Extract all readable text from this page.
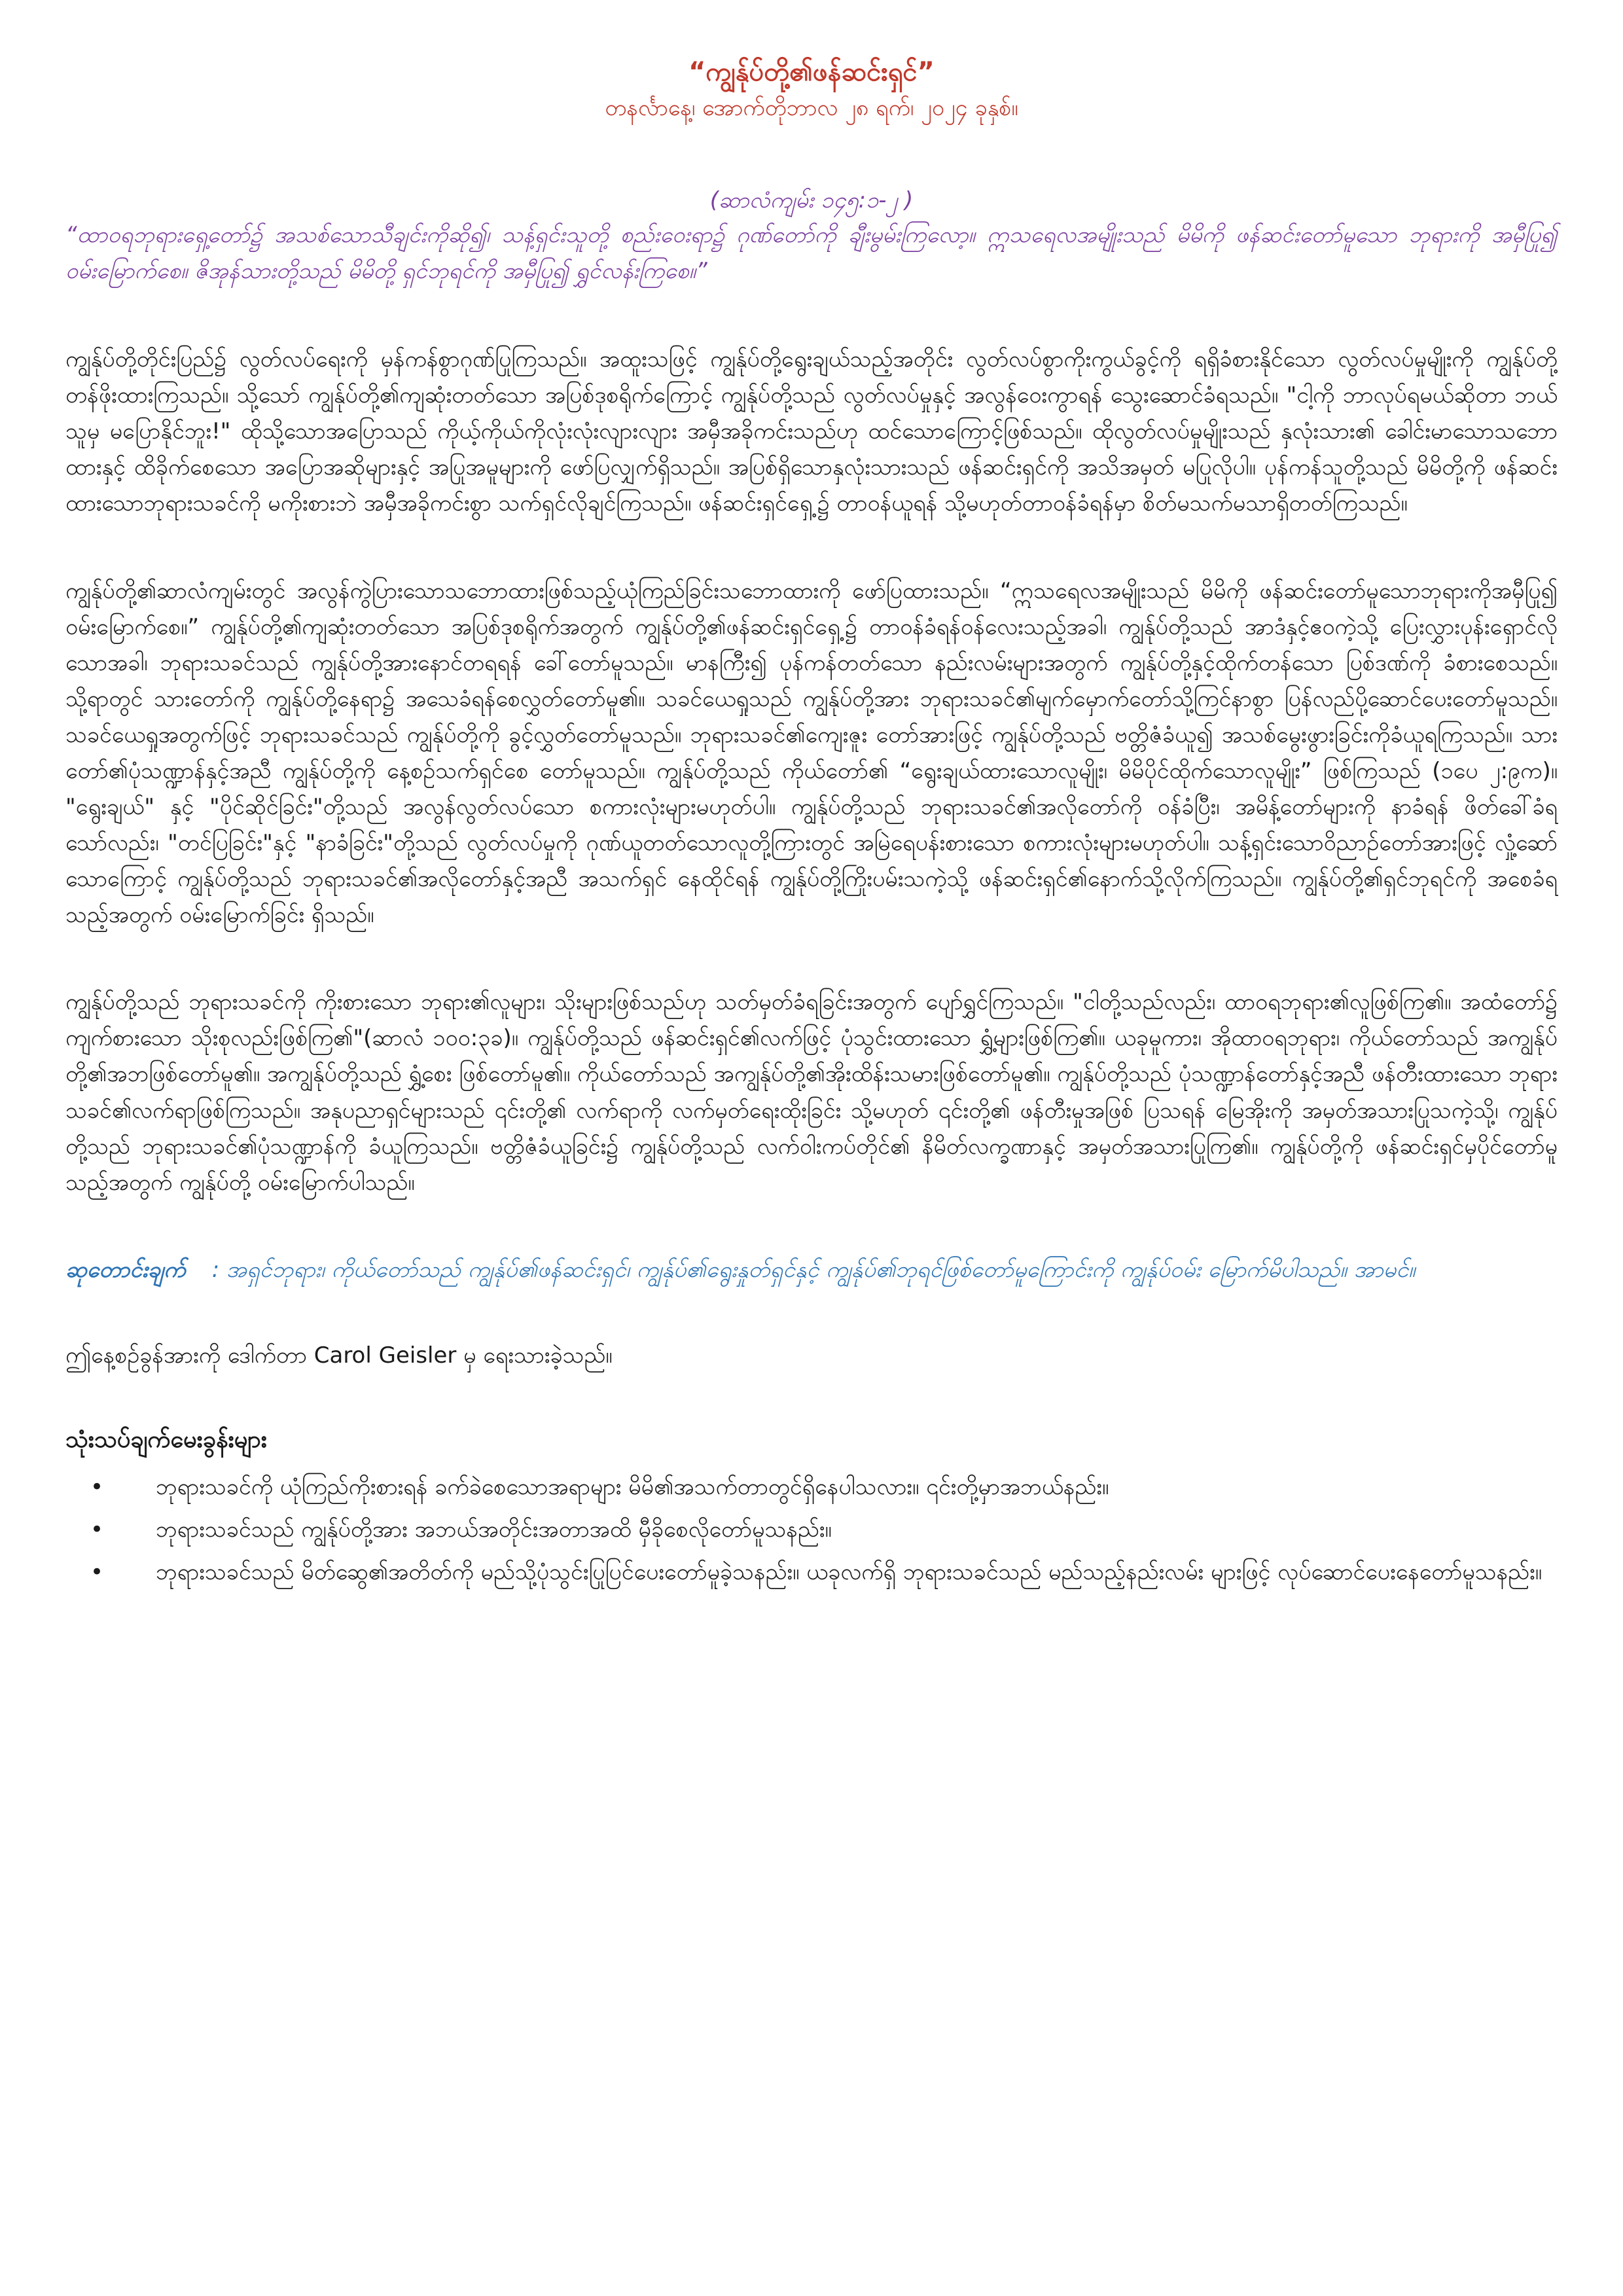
“ကျွန်ုပ်တို့၏ဖန်ဆင်းရှင်”

တနင်္လာနေ့၊ အောက်တိုဘာလ ၂၈ ရက်၊ ၂၀၂၄ ခုနှစ်။

(ဆာလံကျမ်း ၁၄၅:၁-၂ )

“ထာဝရဘုရားရှေ့တော်၌ အသစ်သောသီချင်းကိုဆို၍၊ သန့်ရှင်းသူတို့ စည်းဝေးရာ၌ ဂုဏ်တော်ကို ချီးမွမ်းကြလော့။ ဣသရေလအမျိုးသည် မိမိကို ဖန်ဆင်းတော်မူသော ဘုရားကို အမှီပြု၍ ဝမ်းမြောက်စေ။ ဇိအုန်သားတို့သည် မိမိတို့ ရှင်ဘုရင်ကို အမှီပြု၍ ရွှင်လန်းကြစေ။”

ကျွန်ုပ်တို့တိုင်းပြည်၌ လွတ်လပ်ရေးကို မှန်ကန်စွာဂုဏ်ပြုကြသည်။ အထူးသဖြင့် ကျွန်ုပ်တို့ရွေးချယ်သည့်အတိုင်း လွတ်လပ်စွာကိုးကွယ်ခွင့်ကို ရရှိခံစားနိုင်သော လွတ်လပ်မှုမျိုးကို ကျွန်ုပ်တို့တန်ဖိုးထားကြသည်။ သို့သော် ကျွန်ုပ်တို့၏ကျဆုံးတတ်သော အပြစ်ဒုစရိုက်ကြောင့် ကျွန်ုပ်တို့သည် လွတ်လပ်မှုနှင့် အလွန်ဝေးကွာရန် သွေးဆောင်ခံရသည်။ "ငါ့ကို ဘာလုပ်ရမယ်ဆိုတာ ဘယ်သူမှ မပြောနိုင်ဘူး!" ထိုသို့သောအပြောသည် ကိုယ့်ကိုယ်ကိုလုံးလုံးလျားလျား အမှီအခိုကင်းသည်ဟု ထင်သောကြောင့်ဖြစ်သည်။ ထိုလွတ်လပ်မှုမျိုးသည် နှလုံးသား၏ ခေါင်းမာသောသဘော ထားနှင့် ထိခိုက်စေသော အပြောအဆိုများနှင့် အပြုအမူများကို ဖော်ပြလျှက်ရှိသည်။ အပြစ်ရှိသောနှလုံးသားသည် ဖန်ဆင်းရှင်ကို အသိအမှတ် မပြုလိုပါ။ ပုန်ကန်သူတို့သည် မိမိတို့ကို ဖန်ဆင်းထားသောဘုရားသခင်ကို မကိုးစားဘဲ အမှီအခိုကင်းစွာ သက်ရှင်လိုချင်ကြသည်။ ဖန်ဆင်းရှင်ရှေ့၌ တာဝန်ယူရန် သို့မဟုတ်တာဝန်ခံရန်မှာ စိတ်မသက်မသာရှိတတ်ကြသည်။

ကျွန်ုပ်တို့၏ဆာလံကျမ်းတွင် အလွန်ကွဲပြားသောသဘောထားဖြစ်သည့်ယုံကြည်ခြင်းသဘောထားကို ဖော်ပြထားသည်။ “ဣသရေလအမျိုးသည် မိမိကို ဖန်ဆင်းတော်မူသောဘုရားကိုအမှီပြု၍ ဝမ်းမြောက်စေ။” ကျွန်ုပ်တို့၏ကျဆုံးတတ်သော အပြစ်ဒုစရိုက်အတွက် ကျွန်ုပ်တို့၏ဖန်ဆင်းရှင်ရှေ့၌ တာဝန်ခံရန်ဝန်လေးသည့်အခါ၊ ကျွန်ုပ်တို့သည် အာဒံနှင့်ဧဝကဲ့သို့ ပြေးလွှားပုန်းရှောင်လိုသောအခါ၊ ဘုရားသခင်သည် ကျွန်ုပ်တို့အားနောင်တရရန် ခေါ်တော်မူသည်။ မာနကြီး၍ ပုန်ကန်တတ်သော နည်းလမ်းများအတွက် ကျွန်ုပ်တို့နှင့်ထိုက်တန်သော ပြစ်ဒဏ်ကို ခံစားစေသည်။ သို့ရာတွင် သားတော်ကို ကျွန်ုပ်တို့နေရာ၌ အသေခံရန်စေလွှတ်တော်မူ၏။ သခင်ယေရှုသည် ကျွန်ုပ်တို့အား ဘုရားသခင်၏မျက်မှောက်တော်သို့ကြင်နာစွာ ပြန်လည်ပို့ဆောင်ပေးတော်မူသည်။ သခင်ယေရှုအတွက်ဖြင့် ဘုရားသခင်သည် ကျွန်ုပ်တို့ကို ခွင့်လွှတ်တော်မူသည်။ ဘုရားသခင်၏ကျေးဇူး တော်အားဖြင့် ကျွန်ုပ်တို့သည် ဗတ္တိဇံခံယူ၍ အသစ်မွေးဖွားခြင်းကိုခံယူရကြသည်။ သားတော်၏ပုံသဏ္ဍာန်နှင့်အညီ ကျွန်ုပ်တို့ကို နေ့စဉ်သက်ရှင်စေ တော်မူသည်။ ကျွန်ုပ်တို့သည် ကိုယ်တော်၏ “ရွေးချယ်ထားသောလူမျိုး၊ မိမိပိုင်ထိုက်သောလူမျိုး” ဖြစ်ကြသည် (၁ပေ ၂:၉က)။ "ရွေးချယ်" နှင့် "ပိုင်ဆိုင်ခြင်း"တို့သည် အလွန်လွတ်လပ်သော စကားလုံးများမဟုတ်ပါ။ ကျွန်ုပ်တို့သည် ဘုရားသခင်၏အလိုတော်ကို ဝန်ခံပြီး၊ အမိန့်တော်များကို နာခံရန် ဖိတ်ခေါ်ခံရသော်လည်း၊ "တင်ပြခြင်း"နှင့် "နာခံခြင်း"တို့သည် လွတ်လပ်မှုကို ဂုဏ်ယူတတ်သောလူတို့ကြားတွင် အမြဲရေပန်းစားသော စကားလုံးများမဟုတ်ပါ။ သန့်ရှင်းသောဝိညာဉ်တော်အားဖြင့် လှုံ့ဆော်သောကြောင့် ကျွန်ုပ်တို့သည် ဘုရားသခင်၏အလိုတော်နှင့်အညီ အသက်ရှင် နေထိုင်ရန် ကျွန်ုပ်တို့ကြိုးပမ်းသကဲ့သို့ ဖန်ဆင်းရှင်၏နောက်သို့လိုက်ကြသည်။ ကျွန်ုပ်တို့၏ရှင်ဘုရင်ကို အစေခံရသည့်အတွက် ဝမ်းမြောက်ခြင်း ရှိသည်။

ကျွန်ုပ်တို့သည် ဘုရားသခင်ကို ကိုးစားသော ဘုရား၏လူများ၊ သိုးများဖြစ်သည်ဟု သတ်မှတ်ခံရခြင်းအတွက် ပျော်ရွှင်ကြသည်။ "ငါတို့သည်လည်း၊ ထာဝရဘုရား၏လူဖြစ်ကြ၏။ အထံတော်၌ ကျက်စားသော သိုးစုလည်းဖြစ်ကြ၏"(ဆာလံ ၁၀၀:၃ခ)။ ကျွန်ုပ်တို့သည် ဖန်ဆင်းရှင်၏လက်ဖြင့် ပုံသွင်းထားသော ရွှံ့များဖြစ်ကြ၏။ ယခုမူကား၊ အိုထာဝရဘုရား၊ ကိုယ်တော်သည် အကျွန်ုပ်တို့၏အဘဖြစ်တော်မူ၏။ အကျွန်ုပ်တို့သည် ရွှံ့စေး ဖြစ်တော်မူ၏။ ကိုယ်တော်သည် အကျွန်ုပ်တို့၏အိုးထိန်းသမားဖြစ်တော်မူ၏။ ကျွန်ုပ်တို့သည် ပုံသဏ္ဍာန်တော်နှင့်အညီ ဖန်တီးထားသော ဘုရား သခင်၏လက်ရာဖြစ်ကြသည်။ အနုပညာရှင်များသည် ၎င်းတို့၏ လက်ရာကို လက်မှတ်ရေးထိုးခြင်း သို့မဟုတ် ၎င်းတို့၏ ဖန်တီးမှုအဖြစ် ပြသရန် မြေအိုးကို အမှတ်အသားပြုသကဲ့သို့၊ ကျွန်ုပ်တို့သည် ဘုရားသခင်၏ပုံသဏ္ဍာန်ကို ခံယူကြသည်။ ဗတ္တိဇံခံယူခြင်း၌ ကျွန်ုပ်တို့သည် လက်ဝါးကပ်တိုင်၏ နိမိတ်လက္ခဏာနှင့် အမှတ်အသားပြုကြ၏။ ကျွန်ုပ်တို့ကို ဖန်ဆင်းရှင်မှပိုင်တော်မူသည့်အတွက် ကျွန်ုပ်တို့ ဝမ်းမြောက်ပါသည်။

ဆုတောင်းချက် : အရှင်ဘုရား၊ ကိုယ်တော်သည် ကျွန်ုပ်၏ဖန်ဆင်းရှင်၊ ကျွန်ုပ်၏ရွေးနှုတ်ရှင်နှင့် ကျွန်ုပ်၏ဘုရင်ဖြစ်တော်မူကြောင်းကို ကျွန်ုပ်ဝမ်း မြောက်မိပါသည်။ အာမင်။

ဤနေ့စဉ်ခွန်အားကို ဒေါက်တာ Carol Geisler မှ ရေးသားခဲ့သည်။

သုံးသပ်ချက်မေးခွန်းများ

• ဘုရားသခင်ကို ယုံကြည်ကိုးစားရန် ခက်ခဲစေသောအရာများ မိမိ၏အသက်တာတွင်ရှိနေပါသလား။ ၎င်းတို့မှာအဘယ်နည်း။
• ဘုရားသခင်သည် ကျွန်ုပ်တို့အား အဘယ်အတိုင်းအတာအထိ မှီခိုစေလိုတော်မူသနည်း။
• ဘုရားသခင်သည် မိတ်ဆွေ၏အတိတ်ကို မည်သို့ပုံသွင်းပြုပြင်ပေးတော်မူခဲ့သနည်း။ ယခုလက်ရှိ ဘုရားသခင်သည် မည်သည့်နည်းလမ်း များဖြင့် လုပ်ဆောင်ပေးနေတော်မူသနည်း။
